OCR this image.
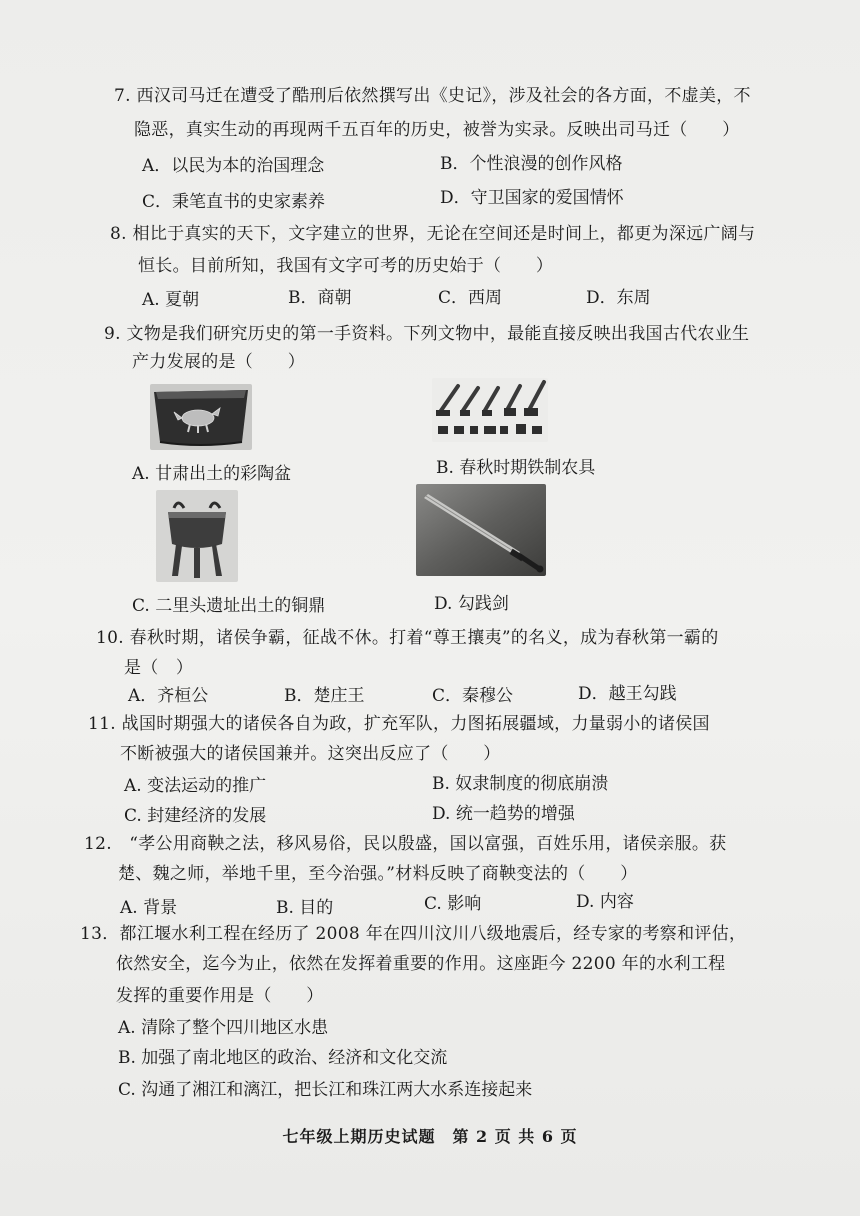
7. 西汉司马迁在遭受了酷刑后依然撰写出《史记》，涉及社会的各方面，不虚美，不
隐恶，真实生动的再现两千五百年的历史，被誉为实录。反映出司马迁（　　）
A．以民为本的治国理念	B．个性浪漫的创作风格
C．秉笔直书的史家素养	D．守卫国家的爱国情怀
8. 相比于真实的天下，文字建立的世界，无论在空间还是时间上，都更为深远广阔与
恒长。目前所知，我国有文字可考的历史始于（　　）
A. 夏朝	B．商朝	C．西周	D．东周
9. 文物是我们研究历史的第一手资料。下列文物中，最能直接反映出我国古代农业生
产力发展的是（　　）
A. 甘肃出土的彩陶盆	B. 春秋时期铁制农具
C. 二里头遗址出土的铜鼎	D. 勾践剑
10. 春秋时期，诸侯争霸，征战不休。打着“尊王攘夷”的名义，成为春秋第一霸的
是（　）
A．齐桓公	B．楚庄王	C．秦穆公	D．越王勾践
11. 战国时期强大的诸侯各自为政，扩充军队，力图拓展疆域，力量弱小的诸侯国
不断被强大的诸侯国兼并。这突出反应了（　　）
A. 变法运动的推广	B. 奴隶制度的彻底崩溃
C. 封建经济的发展	D. 统一趋势的增强
12.　“孝公用商鞅之法，移风易俗，民以殷盛，国以富强，百姓乐用，诸侯亲服。获
楚、魏之师，举地千里，至今治强。”材料反映了商鞅变法的（　　）
A. 背景	B. 目的	C. 影响	D. 内容
13．都江堰水利工程在经历了 2008 年在四川汶川八级地震后，经专家的考察和评估，
依然安全，迄今为止，依然在发挥着重要的作用。这座距今 2200 年的水利工程
发挥的重要作用是（　　）
A. 清除了整个四川地区水患
B. 加强了南北地区的政治、经济和文化交流
C. 沟通了湘江和漓江，把长江和珠江两大水系连接起来
七年级上期历史试题　第 2 页 共 6 页
